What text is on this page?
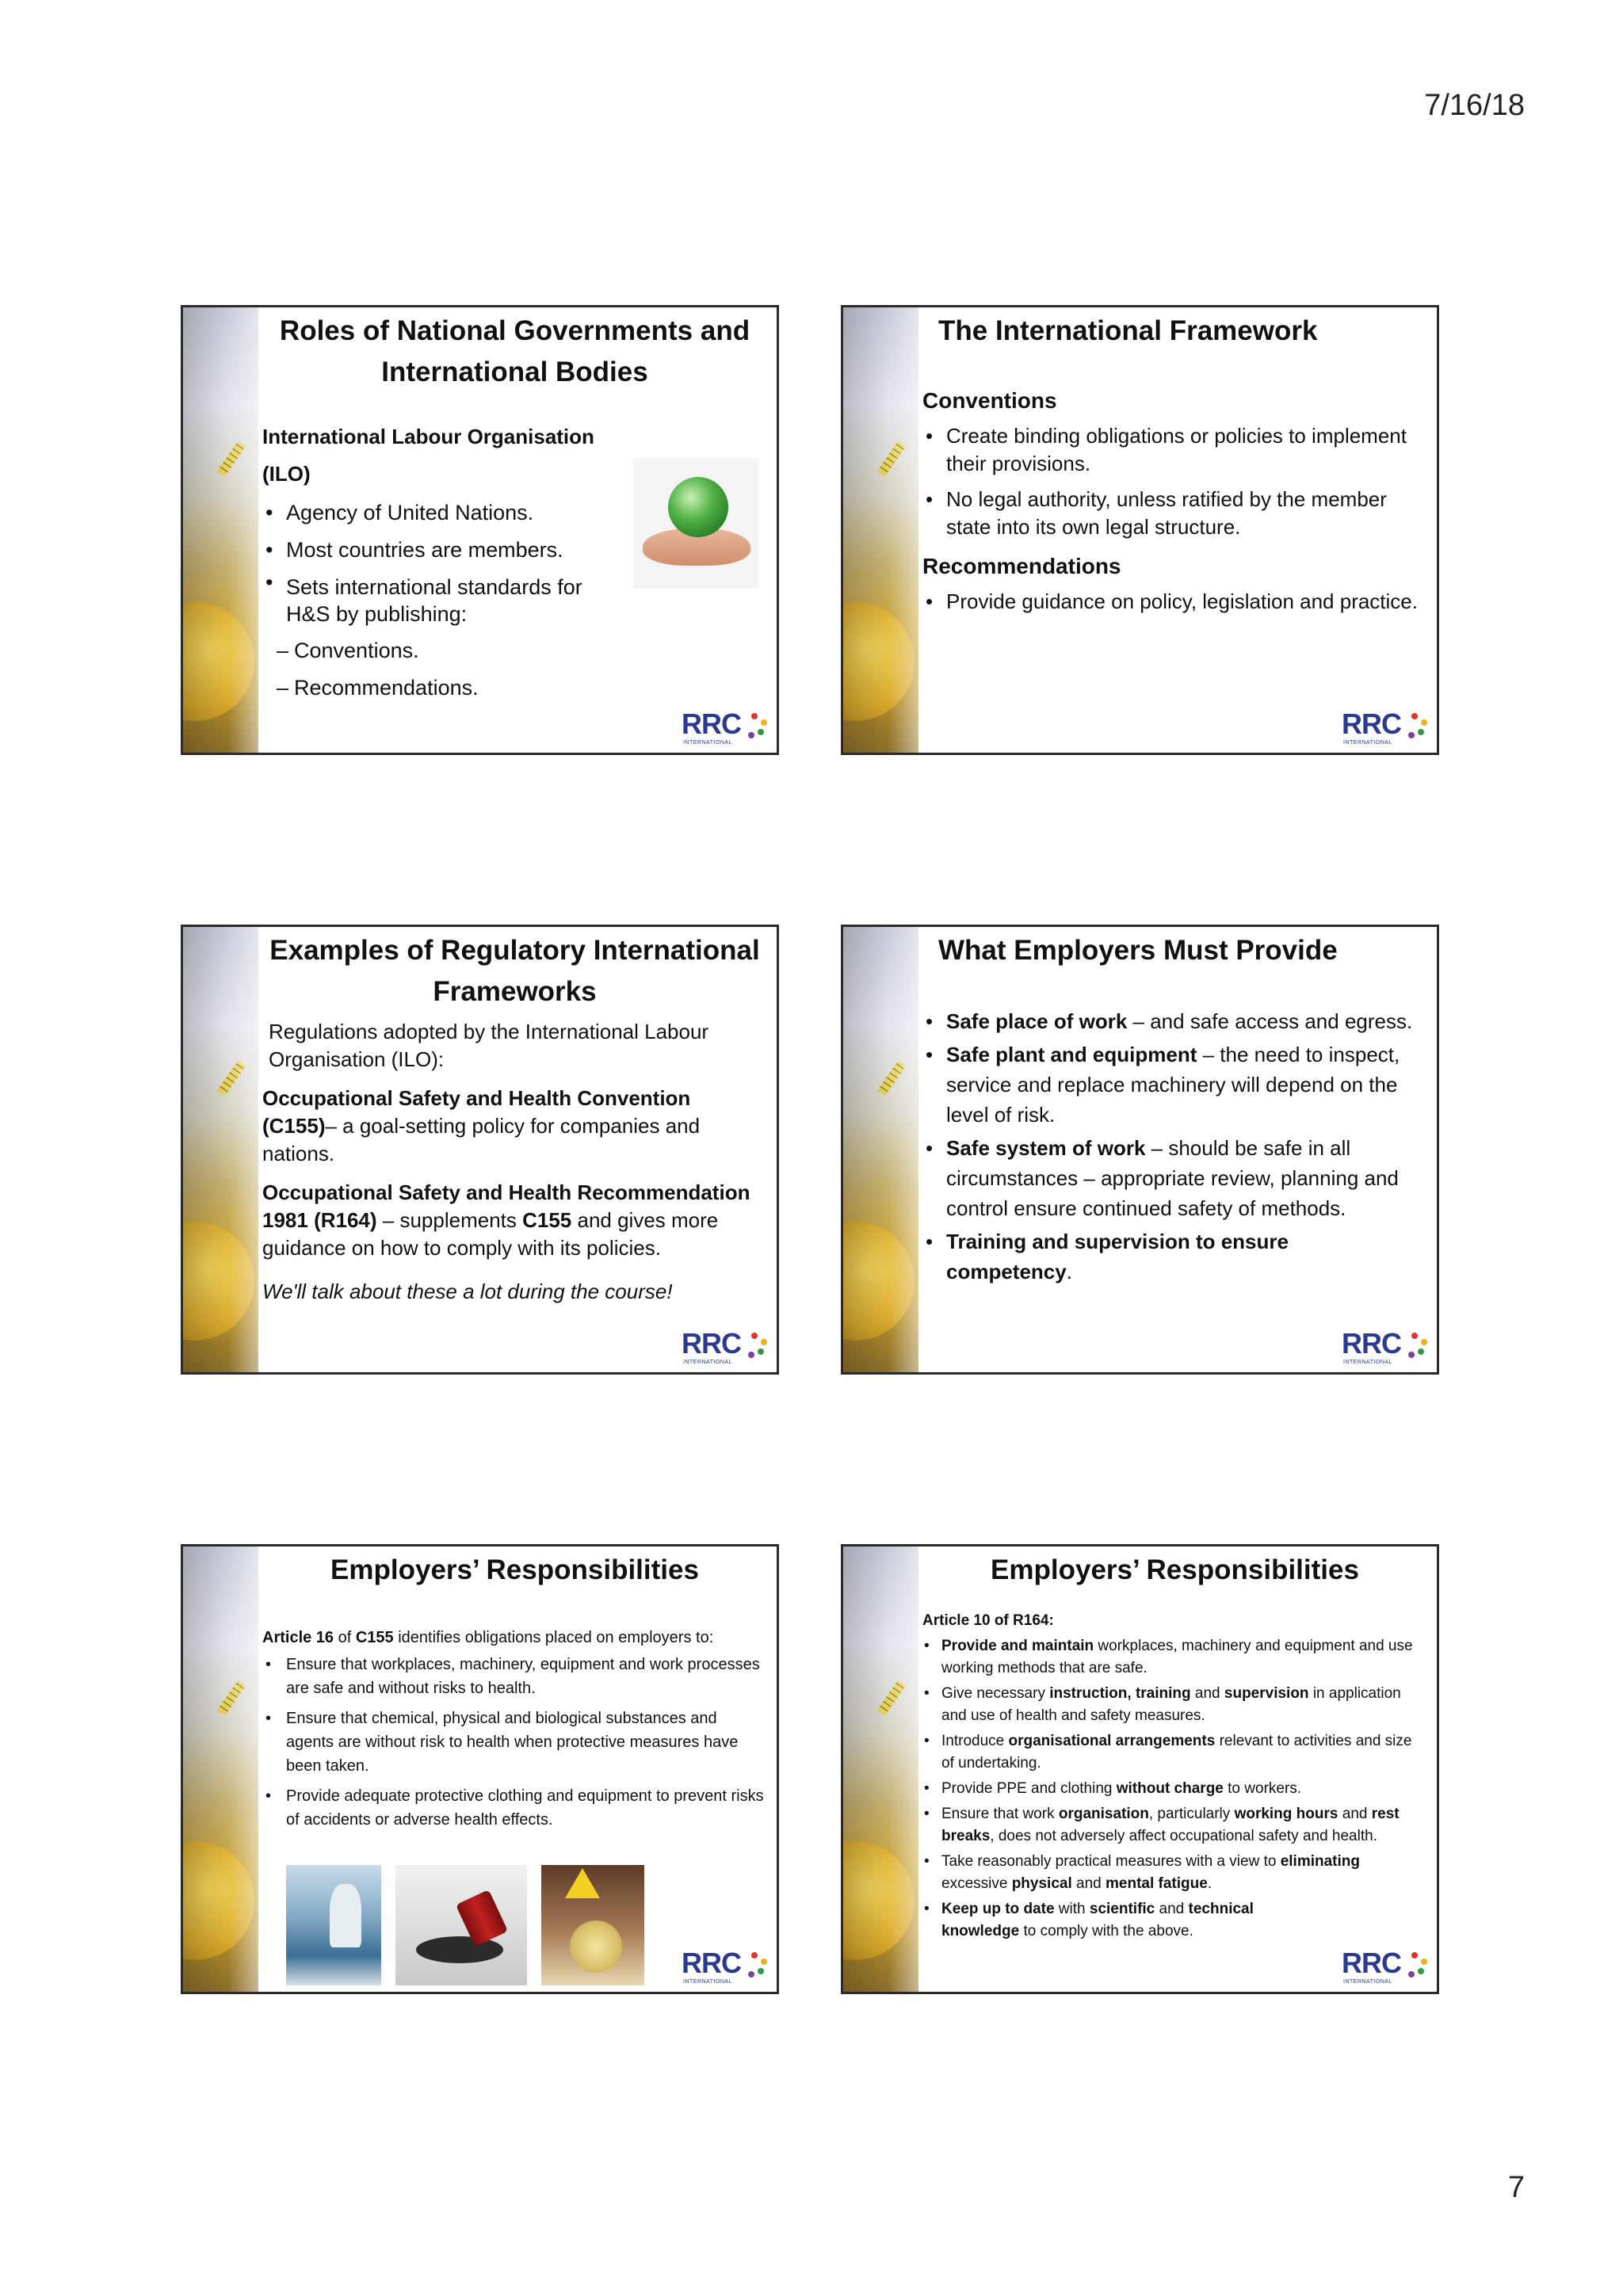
7/16/18
Roles of National Governments and International Bodies
International Labour Organisation (ILO)
• Agency of United Nations.
• Most countries are members.
• Sets international standards for H&S by publishing:
– Conventions.
– Recommendations.
RRC
INTERNATIONAL
The International Framework
Conventions
• Create binding obligations or policies to implement their provisions.
• No legal authority, unless ratified by the member state into its own legal structure.
Recommendations
• Provide guidance on policy, legislation and practice.
RRC
INTERNATIONAL
Examples of Regulatory International Frameworks

Regulations adopted by the International Labour Organisation (ILO):

Occupational Safety and Health Convention (C155)– a goal-setting policy for companies and nations.

Occupational Safety and Health Recommendation 1981 (R164) – supplements C155 and gives more guidance on how to comply with its policies.

We'll talk about these a lot during the course!

RRC
INTERNATIONAL
What Employers Must Provide
• Safe place of work – and safe access and egress.
• Safe plant and equipment – the need to inspect, service and replace machinery will depend on the level of risk.
• Safe system of work – should be safe in all circumstances – appropriate review, planning and control ensure continued safety of methods.
• Training and supervision to ensure competency.
RRC
INTERNATIONAL
Employers’ Responsibilities

Article 16 of C155 identifies obligations placed on employers to:

• Ensure that workplaces, machinery, equipment and work processes are safe and without risks to health.
• Ensure that chemical, physical and biological substances and agents are without risk to health when protective measures have been taken.
• Provide adequate protective clothing and equipment to prevent risks of accidents or adverse health effects.
RRC
INTERNATIONAL
Employers’ Responsibilities

Article 10 of R164:

• Provide and maintain workplaces, machinery and equipment and use working methods that are safe.
• Give necessary instruction, training and supervision in application and use of health and safety measures.
• Introduce organisational arrangements relevant to activities and size of undertaking.
• Provide PPE and clothing without charge to workers.
• Ensure that work organisation, particularly working hours and rest breaks, does not adversely affect occupational safety and health.
• Take reasonably practical measures with a view to eliminating excessive physical and mental fatigue.
• Keep up to date with scientific and technical knowledge to comply with the above.
RRC
INTERNATIONAL
7
